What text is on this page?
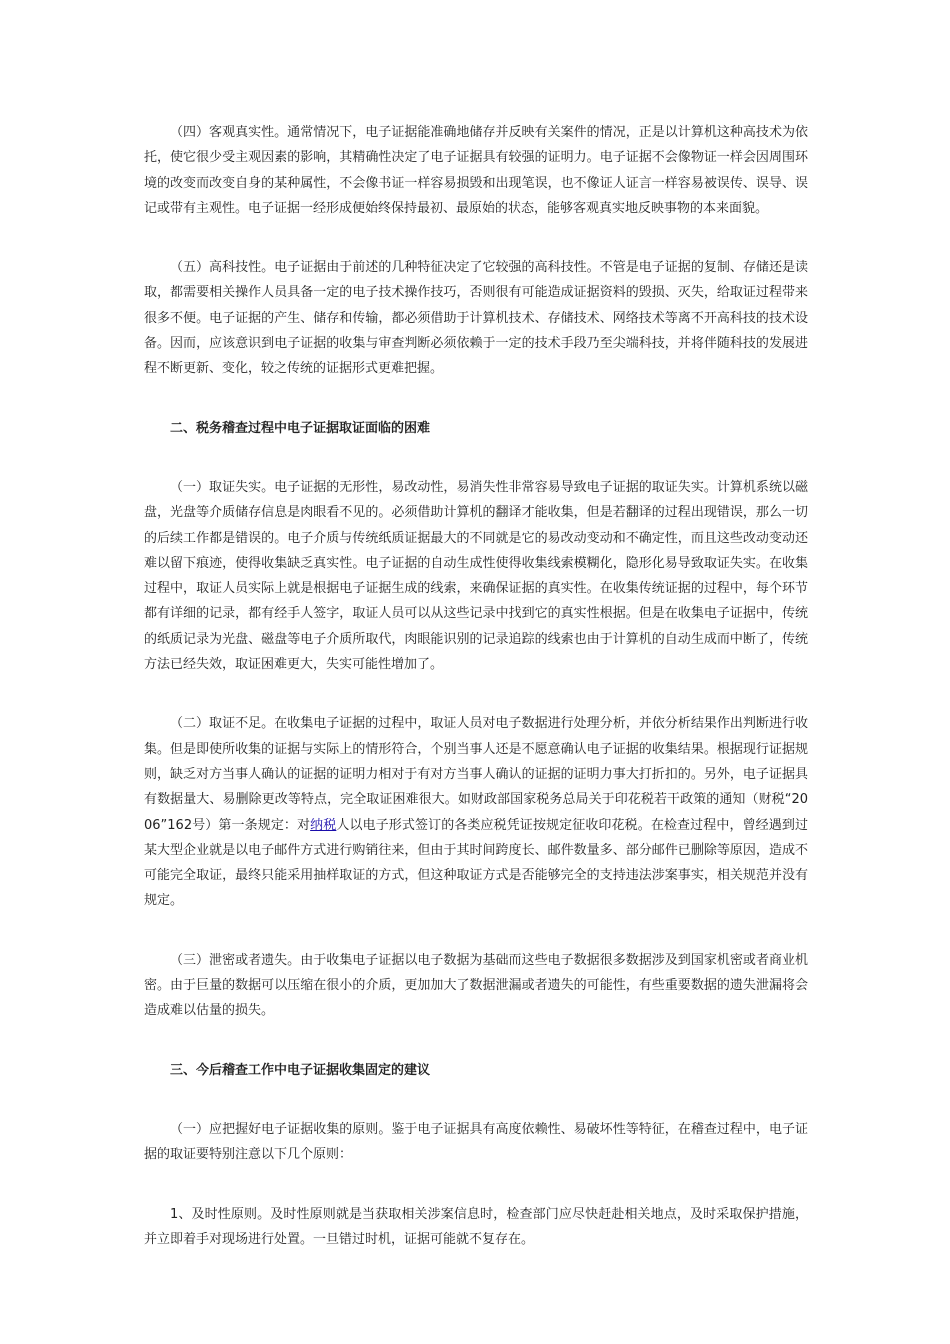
（四）客观真实性。通常情况下，电子证据能准确地储存并反映有关案件的情况，正是以计算机这种高技术为依托，使它很少受主观因素的影响，其精确性决定了电子证据具有较强的证明力。电子证据不会像物证一样会因周围环境的改变而改变自身的某种属性，不会像书证一样容易损毁和出现笔误，也不像证人证言一样容易被误传、误导、误记或带有主观性。电子证据一经形成便始终保持最初、最原始的状态，能够客观真实地反映事物的本来面貌。

（五）高科技性。电子证据由于前述的几种特征决定了它较强的高科技性。不管是电子证据的复制、存储还是读取，都需要相关操作人员具备一定的电子技术操作技巧，否则很有可能造成证据资料的毁损、灭失，给取证过程带来很多不便。电子证据的产生、储存和传输，都必须借助于计算机技术、存储技术、网络技术等离不开高科技的技术设备。因而，应该意识到电子证据的收集与审查判断必须依赖于一定的技术手段乃至尖端科技，并将伴随科技的发展进程不断更新、变化，较之传统的证据形式更难把握。

二、税务稽查过程中电子证据取证面临的困难

（一）取证失实。电子证据的无形性，易改动性，易消失性非常容易导致电子证据的取证失实。计算机系统以磁盘，光盘等介质储存信息是肉眼看不见的。必须借助计算机的翻译才能收集，但是若翻译的过程出现错误，那么一切的后续工作都是错误的。电子介质与传统纸质证据最大的不同就是它的易改动变动和不确定性，而且这些改动变动还难以留下痕迹，使得收集缺乏真实性。电子证据的自动生成性使得收集线索模糊化，隐形化易导致取证失实。在收集过程中，取证人员实际上就是根据电子证据生成的线索，来确保证据的真实性。在收集传统证据的过程中，每个环节都有详细的记录，都有经手人签字，取证人员可以从这些记录中找到它的真实性根据。但是在收集电子证据中，传统的纸质记录为光盘、磁盘等电子介质所取代，肉眼能识别的记录追踪的线索也由于计算机的自动生成而中断了，传统方法已经失效，取证困难更大，失实可能性增加了。

（二）取证不足。在收集电子证据的过程中，取证人员对电子数据进行处理分析，并依分析结果作出判断进行收集。但是即使所收集的证据与实际上的情形符合，个别当事人还是不愿意确认电子证据的收集结果。根据现行证据规则，缺乏对方当事人确认的证据的证明力相对于有对方当事人确认的证据的证明力事大打折扣的。另外，电子证据具有数据量大、易删除更改等特点，完全取证困难很大。如财政部国家税务总局关于印花税若干政策的通知（财税“2006”162号）第一条规定：对纳税人以电子形式签订的各类应税凭证按规定征收印花税。在检查过程中，曾经遇到过某大型企业就是以电子邮件方式进行购销往来，但由于其时间跨度长、邮件数量多、部分邮件已删除等原因，造成不可能完全取证，最终只能采用抽样取证的方式，但这种取证方式是否能够完全的支持违法涉案事实，相关规范并没有规定。

（三）泄密或者遗失。由于收集电子证据以电子数据为基础而这些电子数据很多数据涉及到国家机密或者商业机密。由于巨量的数据可以压缩在很小的介质，更加加大了数据泄漏或者遗失的可能性，有些重要数据的遗失泄漏将会造成难以估量的损失。

三、今后稽查工作中电子证据收集固定的建议

（一）应把握好电子证据收集的原则。鉴于电子证据具有高度依赖性、易破坏性等特征，在稽查过程中，电子证据的取证要特别注意以下几个原则：

1、及时性原则。及时性原则就是当获取相关涉案信息时，检查部门应尽快赶赴相关地点，及时采取保护措施，并立即着手对现场进行处置。一旦错过时机，证据可能就不复存在。
